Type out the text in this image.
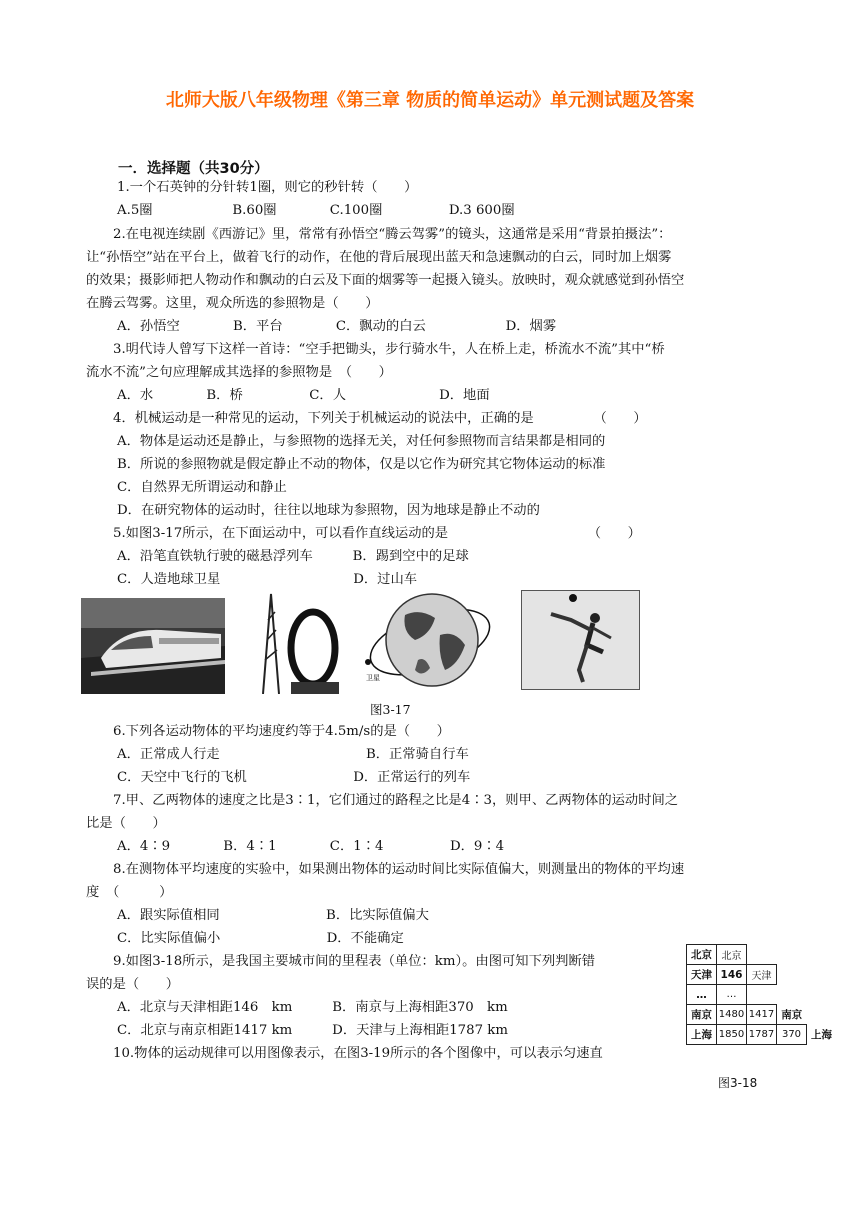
北师大版八年级物理《第三章 物质的简单运动》单元测试题及答案
一．选择题（共30分）
1.一个石英钟的分针转1圈，则它的秒针转（　　）
A.5圈　　　　　　B.60圈　　　　C.100圈　　　　　D.3 600圈
2.在电视连续剧《西游记》里，常常有孙悟空“腾云驾雾”的镜头，这通常是采用“背景拍摄法”：
让“孙悟空”站在平台上，做着飞行的动作，在他的背后展现出蓝天和急速飘动的白云，同时加上烟雾
的效果；摄影师把人物动作和飘动的白云及下面的烟雾等一起摄入镜头。放映时，观众就感觉到孙悟空
在腾云驾雾。这里，观众所选的参照物是（　　）
A．孙悟空　　　　B．平台　　　　C．飘动的白云　　　　　　D．烟雾
3.明代诗人曾写下这样一首诗：“空手把锄头，步行骑水牛，人在桥上走，桥流水不流”其中“桥
流水不流”之句应理解成其选择的参照物是　（　　）
A．水　　　　B．桥　　　　　C．人　　　　　　　D．地面
4．机械运动是一种常见的运动，下列关于机械运动的说法中，正确的是　　　　　（　　）
A．物体是运动还是静止，与参照物的选择无关，对任何参照物而言结果都是相同的
B．所说的参照物就是假定静止不动的物体，仅是以它作为研究其它物体运动的标准
C．自然界无所谓运动和静止
D．在研究物体的运动时，往往以地球为参照物，因为地球是静止不动的
5.如图3-17所示，在下面运动中，可以看作直线运动的是　　　　　　　　　　　（　　）
A．沿笔直铁轨行驶的磁悬浮列车　　　B．踢到空中的足球
C．人造地球卫星　　　　　　　　　　D．过山车
6.下列各运动物体的平均速度约等于4.5m/s的是（　　）
A．正常成人行走　　　　　　　　　　　B．正常骑自行车
C．天空中飞行的飞机　　　　　　　　D．正常运行的列车
7.甲、乙两物体的速度之比是3∶1，它们通过的路程之比是4∶3，则甲、乙两物体的运动时间之
比是（　　）
A．4∶9　　　　B．4∶1　　　　C．1∶4　　　　　D．9∶4
8.在测物体平均速度的实验中，如果测出物体的运动时间比实际值偏大，则测量出的物体的平均速
度　（　　　）
A．跟实际值相同　　　　　　　　B．比实际值偏大
C．比实际值偏小　　　　　　　　D．不能确定
9.如图3-18所示，是我国主要城市间的里程表（单位：km）。由图可知下列判断错
误的是（　　）
A．北京与天津相距146　km　　　B．南京与上海相距370　km
C．北京与南京相距1417 km　　　D．天津与上海相距1787 km
10.物体的运动规律可以用图像表示，在图3-19所示的各个图像中，可以表示匀速直
卫星
图3-17
北京	北京			
天津	146	天津		
…	…			
南京	1480	1417	南京	
上海	1850	1787	370	上海
图3-18
